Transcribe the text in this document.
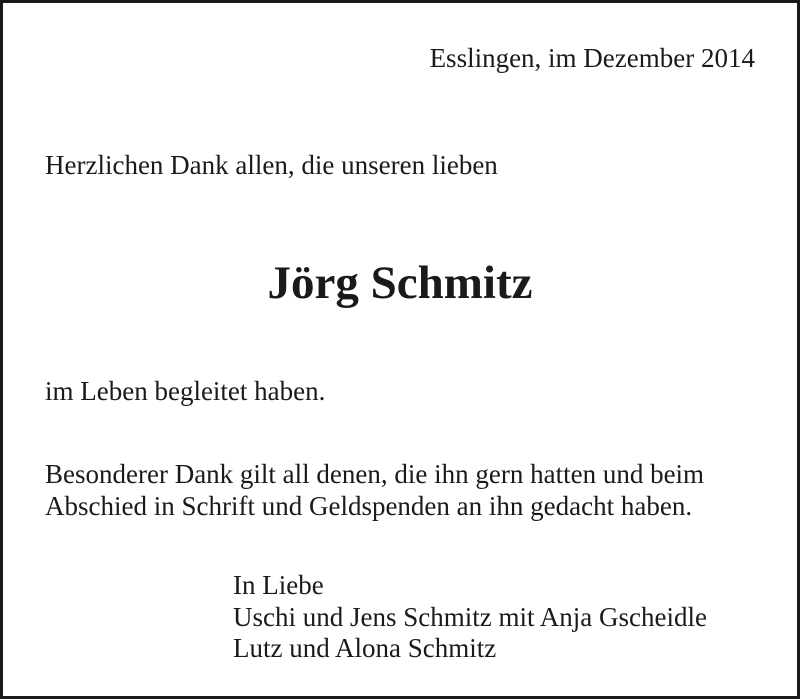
Esslingen, im Dezember 2014

Herzlichen Dank allen, die unseren lieben

Jörg Schmitz

im Leben begleitet haben.

Besonderer Dank gilt all denen, die ihn gern hatten und beim

Abschied in Schrift und Geldspenden an ihn gedacht haben.

In Liebe

Uschi und Jens Schmitz mit Anja Gscheidle

Lutz und Alona Schmitz
